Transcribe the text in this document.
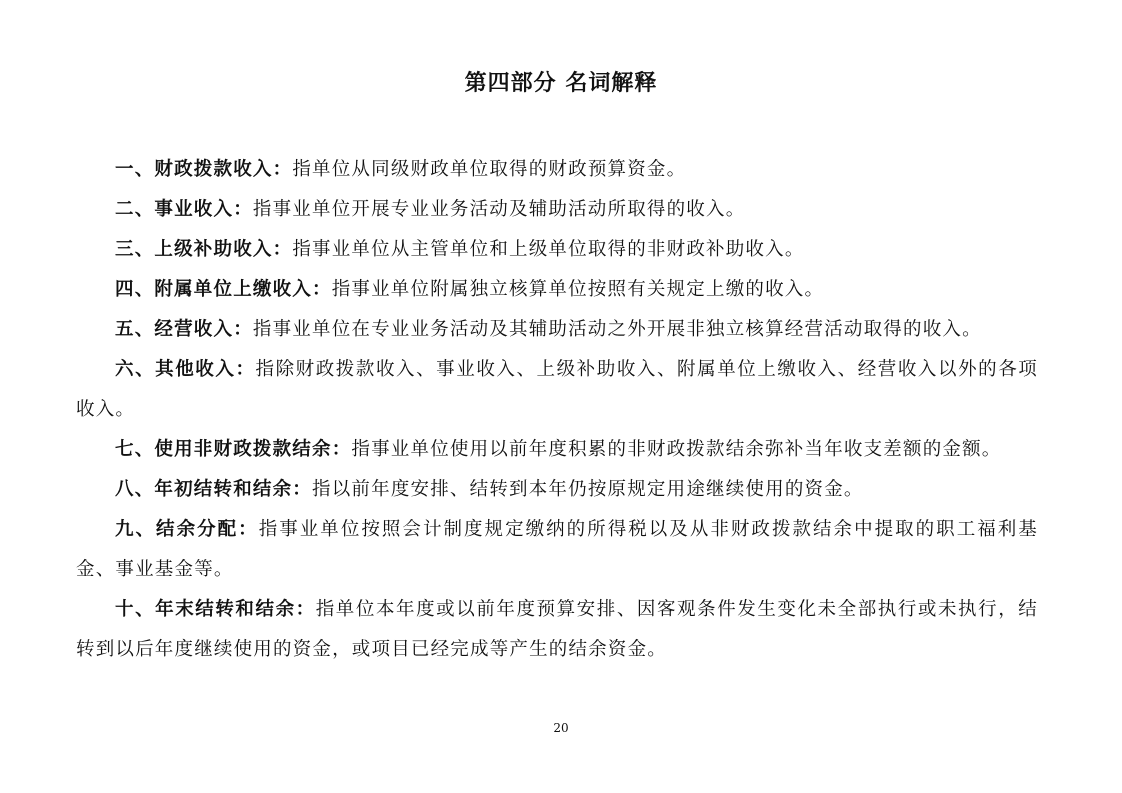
第四部分 名词解释

一、财政拨款收入：指单位从同级财政单位取得的财政预算资金。

二、事业收入：指事业单位开展专业业务活动及辅助活动所取得的收入。

三、上级补助收入：指事业单位从主管单位和上级单位取得的非财政补助收入。

四、附属单位上缴收入：指事业单位附属独立核算单位按照有关规定上缴的收入。

五、经营收入：指事业单位在专业业务活动及其辅助活动之外开展非独立核算经营活动取得的收入。

六、其他收入：指除财政拨款收入、事业收入、上级补助收入、附属单位上缴收入、经营收入以外的各项收入。

七、使用非财政拨款结余：指事业单位使用以前年度积累的非财政拨款结余弥补当年收支差额的金额。

八、年初结转和结余：指以前年度安排、结转到本年仍按原规定用途继续使用的资金。

九、结余分配：指事业单位按照会计制度规定缴纳的所得税以及从非财政拨款结余中提取的职工福利基金、事业基金等。

十、年末结转和结余：指单位本年度或以前年度预算安排、因客观条件发生变化未全部执行或未执行，结转到以后年度继续使用的资金，或项目已经完成等产生的结余资金。

20
